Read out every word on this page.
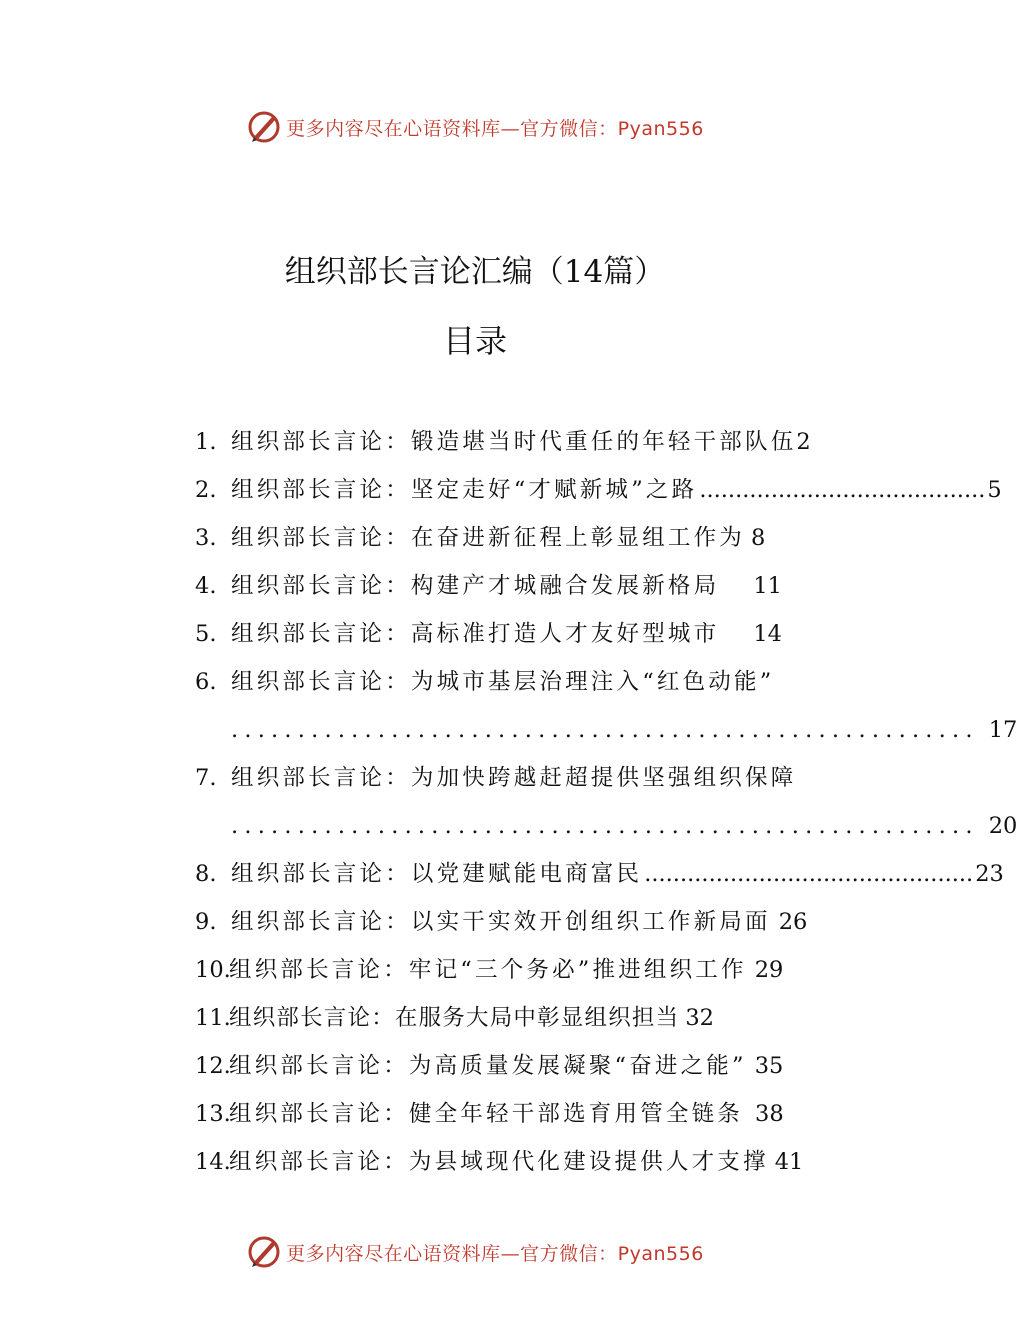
更多内容尽在心语资料库—官方微信：Pyan556
组织部长言论汇编（14篇）
目录
1. 组织部长言论：锻造堪当时代重任的年轻干部队伍 2
2. 组织部长言论：坚定走好“才赋新城”之路 ........................................ 5
3. 组织部长言论：在奋进新征程上彰显组工作为 8
4. 组织部长言论：构建产才城融合发展新格局 11
5. 组织部长言论：高标准打造人才友好型城市 14
6. 组织部长言论：为城市基层治理注入“红色动能”
........................................................ 17
7. 组织部长言论：为加快跨越赶超提供坚强组织保障
........................................................ 20
8. 组织部长言论：以党建赋能电商富民 .............................................. 23
9. 组织部长言论：以实干实效开创组织工作新局面 26
10.
组织部长言论：牢记“三个务必”推进组织工作 29
11.
组织部长言论：在服务大局中彰显组织担当 32
12.
组织部长言论：为高质量发展凝聚“奋进之能” 35
13.
组织部长言论：健全年轻干部选育用管全链条 38
14.
组织部长言论：为县域现代化建设提供人才支撑 41
更多内容尽在心语资料库—官方微信：Pyan556
